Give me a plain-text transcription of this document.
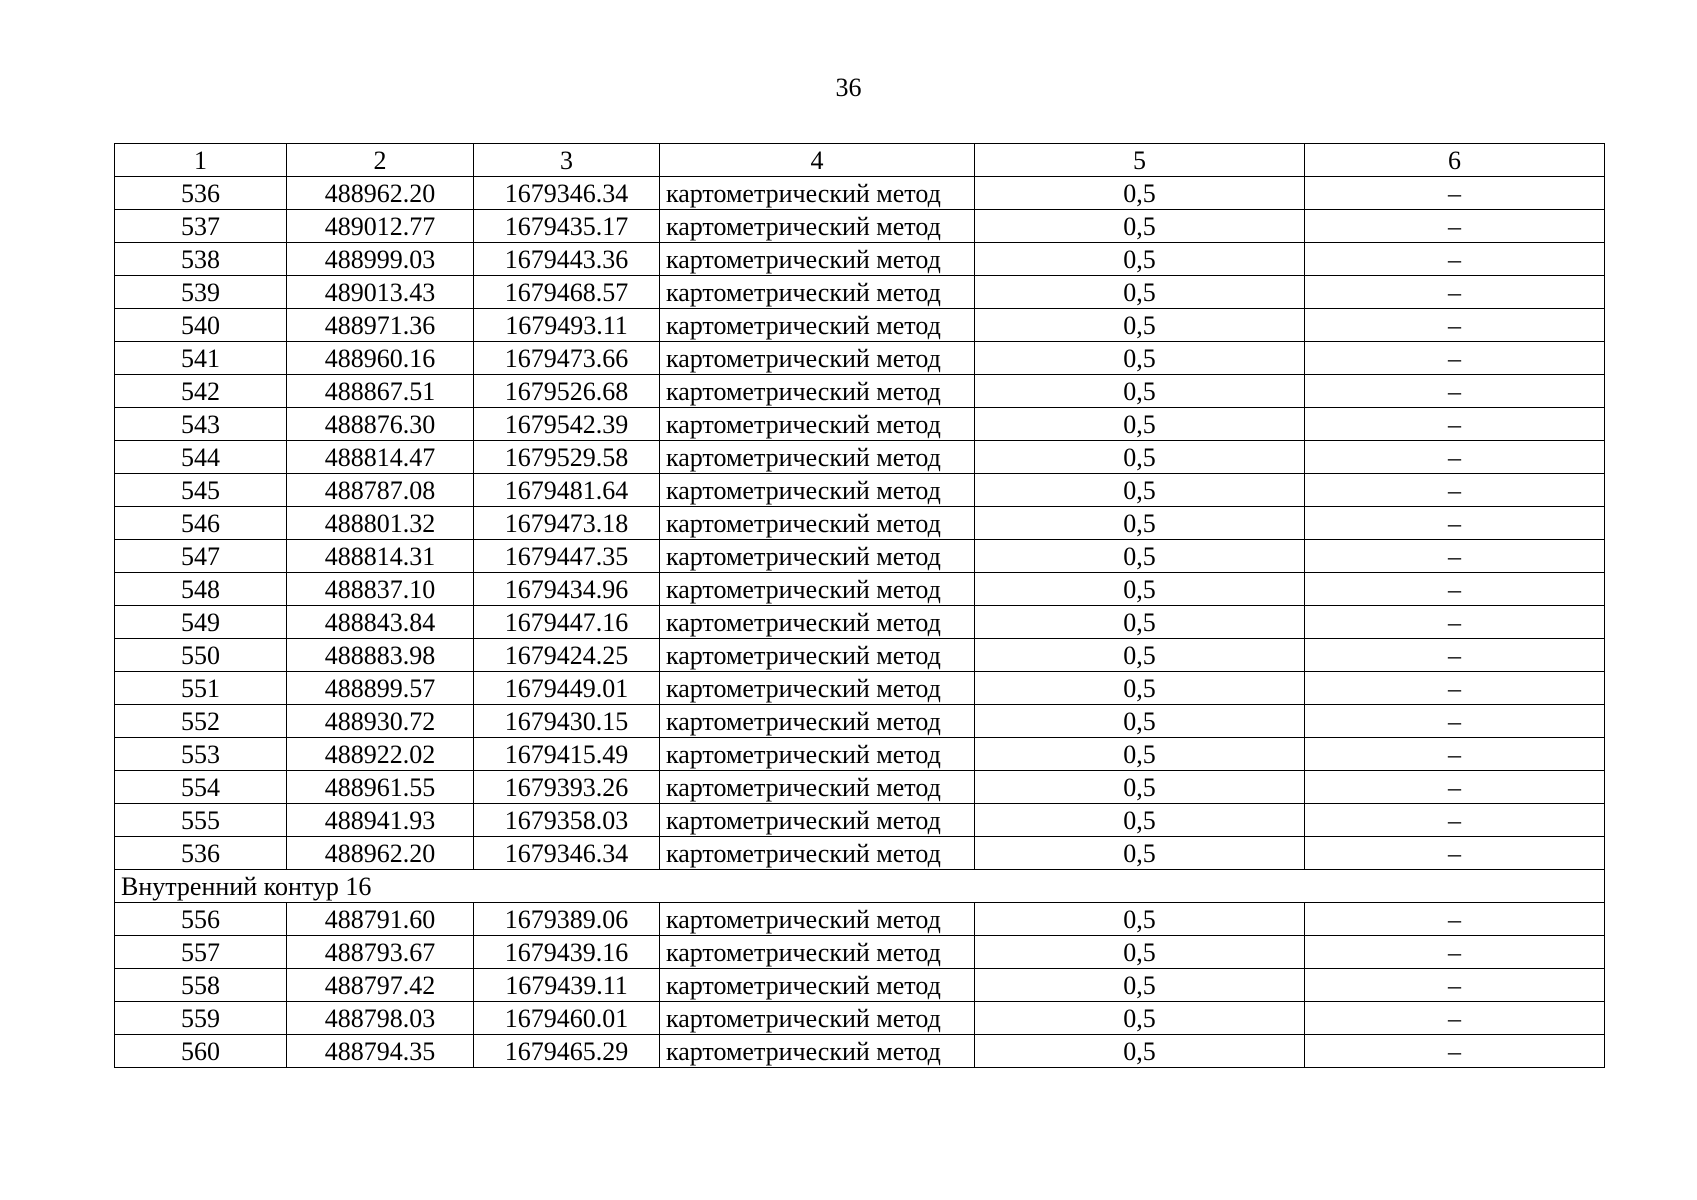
36
1	2	3	4	5	6
536	488962.20	1679346.34	картометрический метод	0,5	–
537	489012.77	1679435.17	картометрический метод	0,5	–
538	488999.03	1679443.36	картометрический метод	0,5	–
539	489013.43	1679468.57	картометрический метод	0,5	–
540	488971.36	1679493.11	картометрический метод	0,5	–
541	488960.16	1679473.66	картометрический метод	0,5	–
542	488867.51	1679526.68	картометрический метод	0,5	–
543	488876.30	1679542.39	картометрический метод	0,5	–
544	488814.47	1679529.58	картометрический метод	0,5	–
545	488787.08	1679481.64	картометрический метод	0,5	–
546	488801.32	1679473.18	картометрический метод	0,5	–
547	488814.31	1679447.35	картометрический метод	0,5	–
548	488837.10	1679434.96	картометрический метод	0,5	–
549	488843.84	1679447.16	картометрический метод	0,5	–
550	488883.98	1679424.25	картометрический метод	0,5	–
551	488899.57	1679449.01	картометрический метод	0,5	–
552	488930.72	1679430.15	картометрический метод	0,5	–
553	488922.02	1679415.49	картометрический метод	0,5	–
554	488961.55	1679393.26	картометрический метод	0,5	–
555	488941.93	1679358.03	картометрический метод	0,5	–
536	488962.20	1679346.34	картометрический метод	0,5	–
Внутренний контур 16					
556	488791.60	1679389.06	картометрический метод	0,5	–
557	488793.67	1679439.16	картометрический метод	0,5	–
558	488797.42	1679439.11	картометрический метод	0,5	–
559	488798.03	1679460.01	картометрический метод	0,5	–
560	488794.35	1679465.29	картометрический метод	0,5	–
